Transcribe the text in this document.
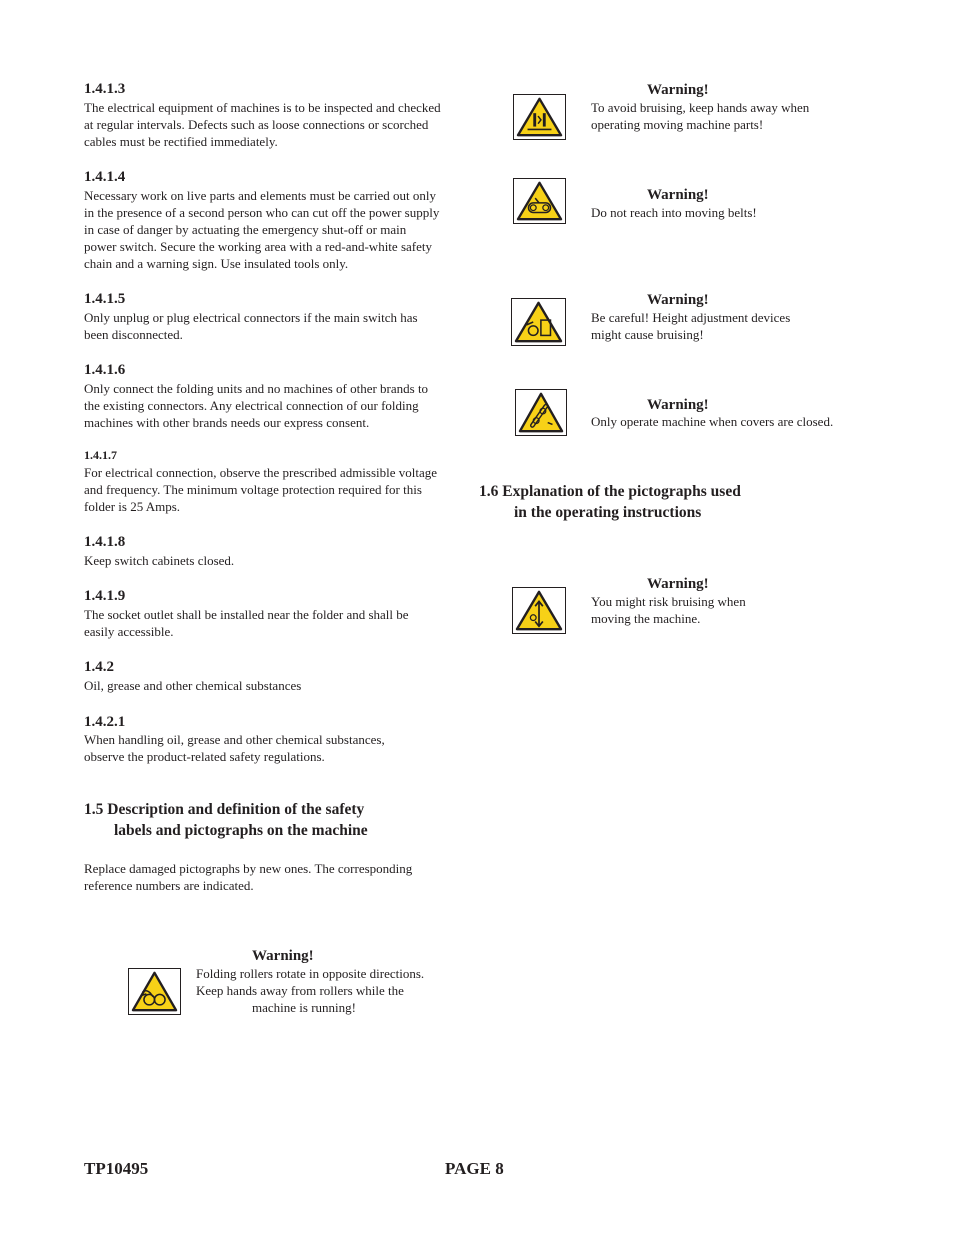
1.4.1.3
The electrical equipment of machines is to be inspected and checked
at regular intervals. Defects such as loose connections or scorched
cables must be rectified immediately.
1.4.1.4
Necessary work on live parts and elements must be carried out only
in the presence of a second person who can cut off the power supply
in case of danger by actuating the emergency shut-off or main
power switch. Secure the working area with a red-and-white safety
chain and a warning sign. Use insulated tools only.
1.4.1.5
Only unplug or plug electrical connectors if the main switch has
been disconnected.
1.4.1.6
Only connect the folding units and no machines of other brands to
the existing connectors. Any electrical connection of our folding
machines with other brands needs our express consent.
1.4.1.7
For electrical connection, observe the prescribed admissible voltage
and frequency. The minimum voltage protection required for this
folder is 25 Amps.
1.4.1.8
Keep switch cabinets closed.
1.4.1.9
The socket outlet shall be installed near the folder and shall be
easily accessible.
1.4.2
Oil, grease and other chemical substances
1.4.2.1
When handling oil, grease and other chemical substances,
observe the product-related safety regulations.
1.5 Description and definition of the safety
labels and pictographs on the machine
Replace damaged pictographs by new ones. The corresponding
reference numbers are indicated.
Warning!
Folding rollers rotate in opposite directions.
Keep hands away from rollers while the
machine is running!
Warning!
To avoid bruising, keep hands away when
operating moving machine parts!
Warning!
Do not reach into moving belts!
Warning!
Be careful! Height adjustment devices
might cause bruising!
Warning!
Only operate machine when covers are closed.
1.6 Explanation of the pictographs used
in the operating instructions
Warning!
You might risk bruising when
moving the machine.
TP10495	PAGE 8
